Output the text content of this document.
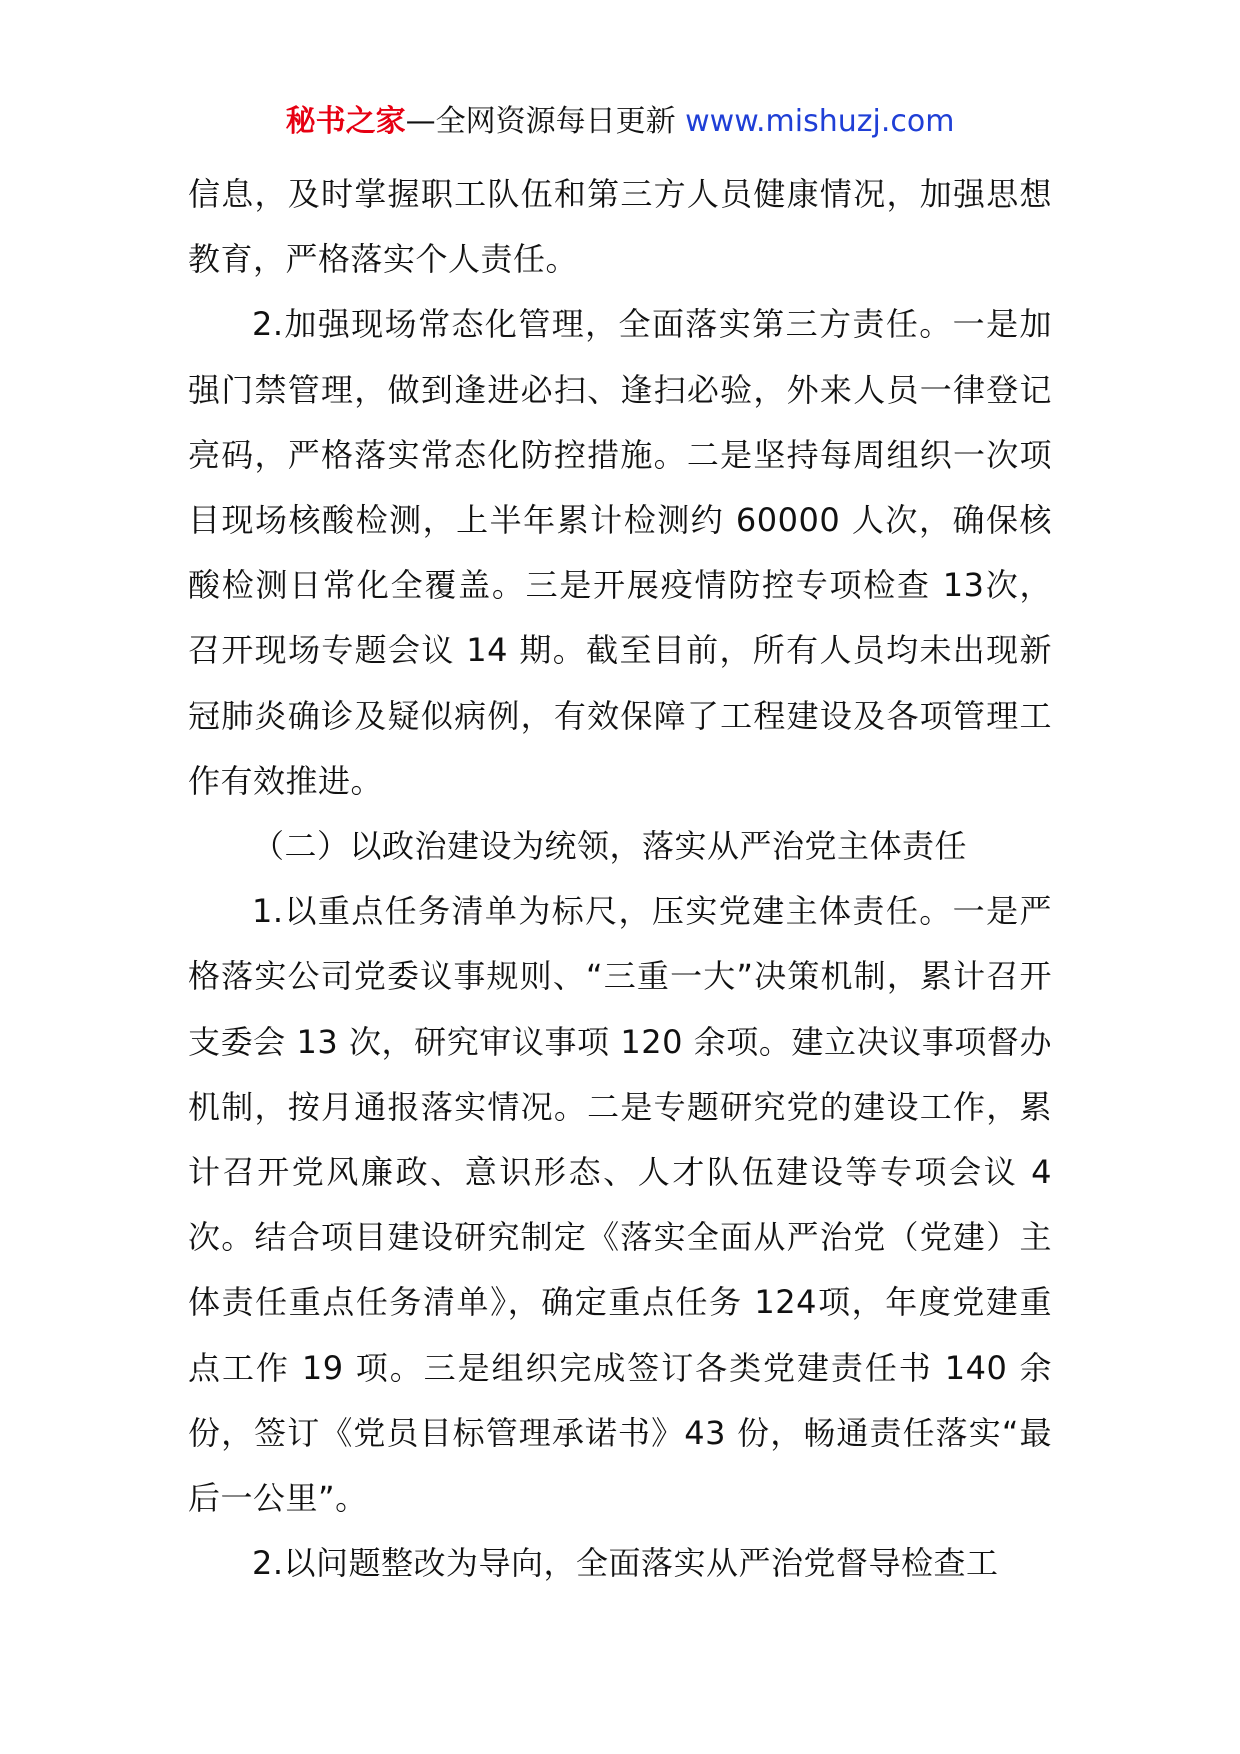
秘书之家—全网资源每日更新 www.mishuzj.com

信息，及时掌握职工队伍和第三方人员健康情况，加强思想教育，严格落实个人责任。

2.加强现场常态化管理，全面落实第三方责任。一是加强门禁管理，做到逢进必扫、逢扫必验，外来人员一律登记亮码，严格落实常态化防控措施。二是坚持每周组织一次项目现场核酸检测，上半年累计检测约 60000 人次，确保核酸检测日常化全覆盖。三是开展疫情防控专项检查 13次，召开现场专题会议 14 期。截至目前，所有人员均未出现新冠肺炎确诊及疑似病例，有效保障了工程建设及各项管理工作有效推进。

（二）以政治建设为统领，落实从严治党主体责任

1.以重点任务清单为标尺，压实党建主体责任。一是严格落实公司党委议事规则、“三重一大”决策机制，累计召开支委会 13 次，研究审议事项 120 余项。建立决议事项督办机制，按月通报落实情况。二是专题研究党的建设工作，累计召开党风廉政、意识形态、人才队伍建设等专项会议 4 次。结合项目建设研究制定《落实全面从严治党（党建）主体责任重点任务清单》，确定重点任务 124项，年度党建重点工作 19 项。三是组织完成签订各类党建责任书 140 余份，签订《党员目标管理承诺书》43 份，畅通责任落实“最后一公里”。

2.以问题整改为导向，全面落实从严治党督导检查工
